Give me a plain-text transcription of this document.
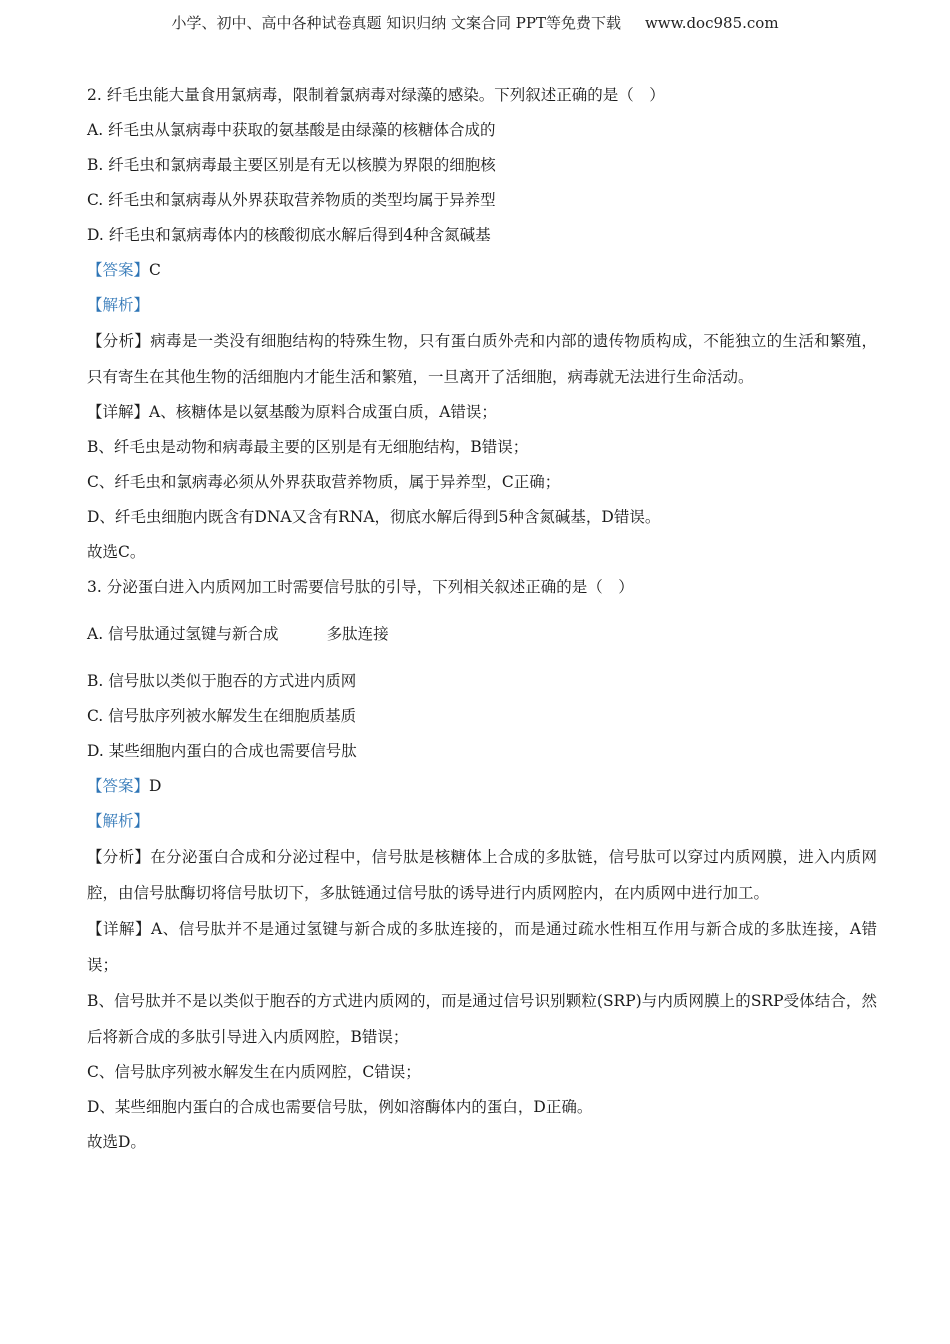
小学、初中、高中各种试卷真题 知识归纳 文案合同 PPT等免费下载 www.doc985.com
2. 纤毛虫能大量食用氯病毒，限制着氯病毒对绿藻的感染。下列叙述正确的是（　）
A. 纤毛虫从氯病毒中获取的氨基酸是由绿藻的核糖体合成的
B. 纤毛虫和氯病毒最主要区别是有无以核膜为界限的细胞核
C. 纤毛虫和氯病毒从外界获取营养物质的类型均属于异养型
D. 纤毛虫和氯病毒体内的核酸彻底水解后得到4种含氮碱基
【答案】C
【解析】
【分析】病毒是一类没有细胞结构的特殊生物，只有蛋白质外壳和内部的遗传物质构成，不能独立的生活和繁殖，只有寄生在其他生物的活细胞内才能生活和繁殖，一旦离开了活细胞，病毒就无法进行生命活动。
【详解】A、核糖体是以氨基酸为原料合成蛋白质，A错误；
B、纤毛虫是动物和病毒最主要的区别是有无细胞结构，B错误；
C、纤毛虫和氯病毒必须从外界获取营养物质，属于异养型，C正确；
D、纤毛虫细胞内既含有DNA又含有RNA，彻底水解后得到5种含氮碱基，D错误。
故选C。
3. 分泌蛋白进入内质网加工时需要信号肽的引导，下列相关叙述正确的是（　）
A. 信号肽通过氢键与新合成	多肽连接
B. 信号肽以类似于胞吞的方式进内质网
C. 信号肽序列被水解发生在细胞质基质
D. 某些细胞内蛋白的合成也需要信号肽
【答案】D
【解析】
【分析】在分泌蛋白合成和分泌过程中，信号肽是核糖体上合成的多肽链，信号肽可以穿过内质网膜，进入内质网腔，由信号肽酶切将信号肽切下，多肽链通过信号肽的诱导进行内质网腔内，在内质网中进行加工。
【详解】A、信号肽并不是通过氢键与新合成的多肽连接的，而是通过疏水性相互作用与新合成的多肽连接，A错误；
B、信号肽并不是以类似于胞吞的方式进内质网的，而是通过信号识别颗粒(SRP)与内质网膜上的SRP受体结合，然后将新合成的多肽引导进入内质网腔，B错误；
C、信号肽序列被水解发生在内质网腔，C错误；
D、某些细胞内蛋白的合成也需要信号肽，例如溶酶体内的蛋白，D正确。
故选D。
